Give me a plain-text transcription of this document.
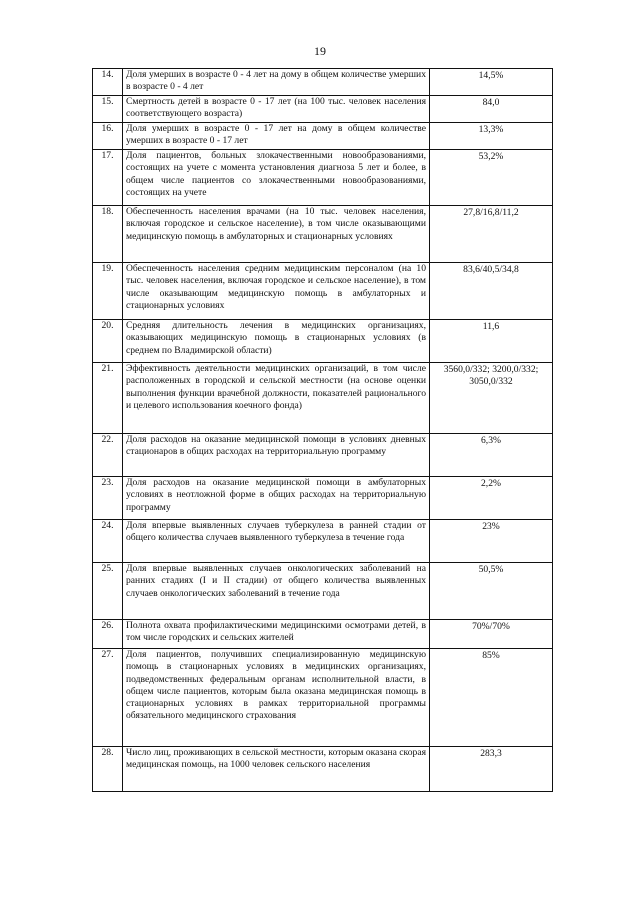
19
14.	Доля умерших в возрасте 0 - 4 лет на дому в общем количестве умерших в возрасте 0 - 4 лет	14,5%
15.	Смертность детей в возрасте 0 - 17 лет (на 100 тыс. человек населения соответствующего возраста)	84,0
16.	Доля умерших в возрасте 0 - 17 лет на дому в общем количестве умерших в возрасте 0 - 17 лет	13,3%
17.	Доля пациентов, больных злокачественными новообразованиями, состоящих на учете с момента установления диагноза 5 лет и более, в общем числе пациентов со злокачественными новообразованиями, состоящих на учете	53,2%
18.	Обеспеченность населения врачами (на 10 тыс. человек населения, включая городское и сельское население), в том числе оказывающими медицинскую помощь в амбулаторных и стационарных условиях	27,8/16,8/11,2
19.	Обеспеченность населения средним медицинским персоналом (на 10 тыс. человек населения, включая городское и сельское население), в том числе оказывающим медицинскую помощь в амбулаторных и стационарных условиях	83,6/40,5/34,8
20.	Средняя длительность лечения в медицинских организациях, оказывающих медицинскую помощь в стационарных условиях (в среднем по Владимирской области)	11,6
21.	Эффективность деятельности медицинских организаций, в том числе расположенных в городской и сельской местности (на основе оценки выполнения функции врачебной должности, показателей рационального и целевого использования коечного фонда)	3560,0/332; 3200,0/332; 3050,0/332
22.	Доля расходов на оказание медицинской помощи в условиях дневных стационаров в общих расходах на территориальную программу	6,3%
23.	Доля расходов на оказание медицинской помощи в амбулаторных условиях в неотложной форме в общих расходах на территориальную программу	2,2%
24.	Доля впервые выявленных случаев туберкулеза в ранней стадии от общего количества случаев выявленного туберкулеза в течение года	23%
25.	Доля впервые выявленных случаев онкологических заболеваний на ранних стадиях (I и II стадии) от общего количества выявленных случаев онкологических заболеваний в течение года	50,5%
26.	Полнота охвата профилактическими медицинскими осмотрами детей, в том числе городских и сельских жителей	70%/70%
27.	Доля пациентов, получивших специализированную медицинскую помощь в стационарных условиях в медицинских организациях, подведомственных федеральным органам исполнительной власти, в общем числе пациентов, которым была оказана медицинская помощь в стационарных условиях в рамках территориальной программы обязательного медицинского страхования	85%
28.	Число лиц, проживающих в сельской местности, которым оказана скорая медицинская помощь, на 1000 человек сельского населения	283,3
